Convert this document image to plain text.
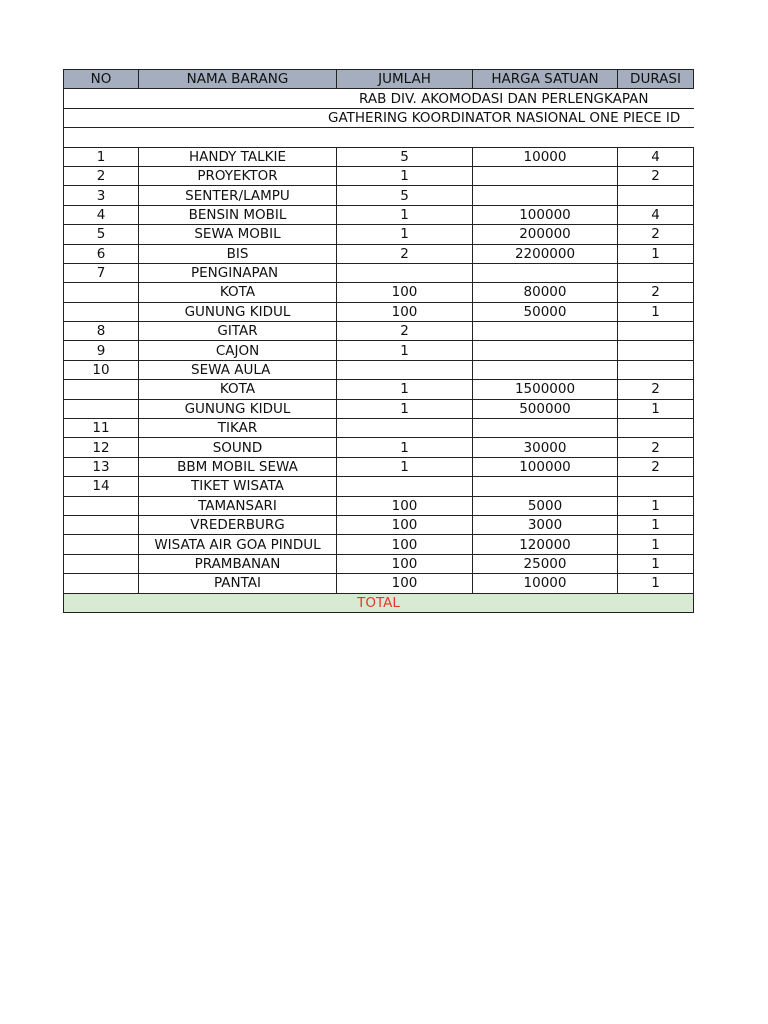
RAB DIV. AKOMODASI DAN PERLENGKAPAN				
GATHERING KOORDINATOR NASIONAL ONE PIECE ID				

NO	NAMA BARANG	JUMLAH	HARGA SATUAN	DURASI
1	HANDY TALKIE	5	10000	4
2	PROYEKTOR	1		2
3	SENTER/LAMPU	5		
4	BENSIN MOBIL	1	100000	4
5	SEWA MOBIL	1	200000	2
6	BIS	2	2200000	1
7	PENGINAPAN			
	KOTA	100	80000	2
	GUNUNG KIDUL	100	50000	1
8	GITAR	2		
9	CAJON	1		
10	SEWA AULA			
	KOTA	1	1500000	2
	GUNUNG KIDUL	1	500000	1
11	TIKAR			
12	SOUND	1	30000	2
13	BBM MOBIL SEWA	1	100000	2
14	TIKET WISATA			
	TAMANSARI	100	5000	1
	VREDERBURG	100	3000	1
	WISATA AIR GOA PINDUL	100	120000	1
	PRAMBANAN	100	25000	1
	PANTAI	100	10000	1
TOTAL				
